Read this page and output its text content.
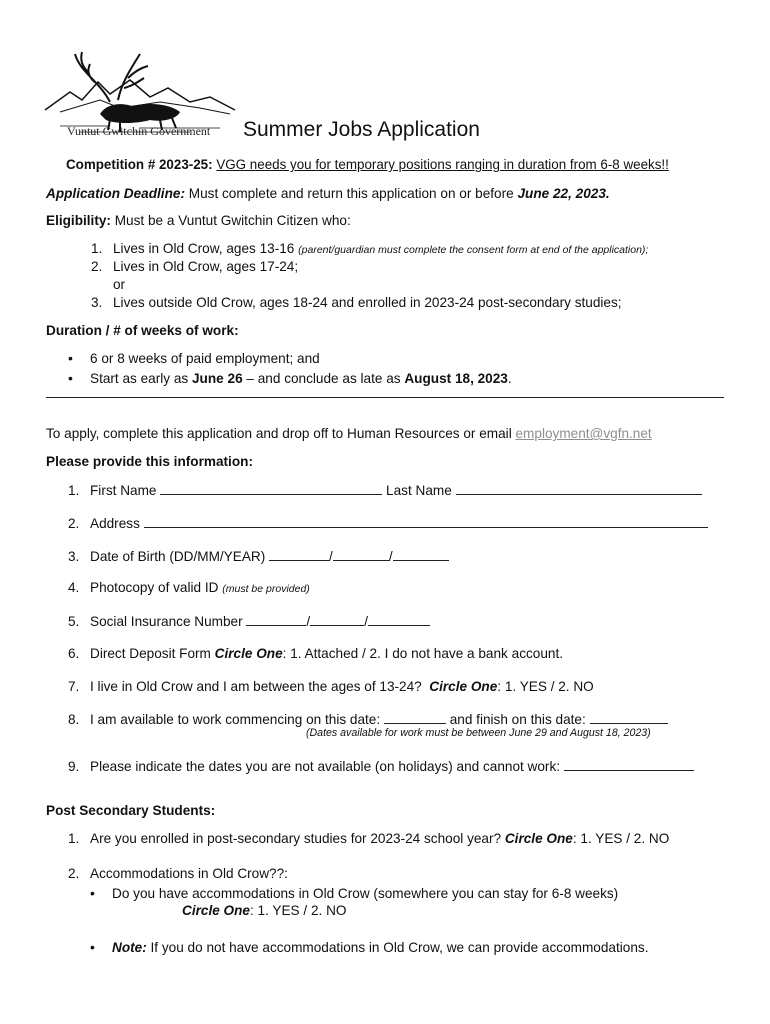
Vuntut Gwitchin Government Summer Jobs Application
Competition # 2023-25: VGG needs you for temporary positions ranging in duration from 6-8 weeks!!
Application Deadline: Must complete and return this application on or before June 22, 2023.
Eligibility: Must be a Vuntut Gwitchin Citizen who:
1. Lives in Old Crow, ages 13-16 (parent/guardian must complete the consent form at end of the application);
2. Lives in Old Crow, ages 17-24;
or
3. Lives outside Old Crow, ages 18-24 and enrolled in 2023-24 post-secondary studies;
Duration / # of weeks of work:
• 6 or 8 weeks of paid employment; and
• Start as early as June 26 – and conclude as late as August 18, 2023.
To apply, complete this application and drop off to Human Resources or email employment@vgfn.net
Please provide this information:
1. First Name	Last Name
2. Address
3. Date of Birth (DD/MM/YEAR)	/	/
4. Photocopy of valid ID (must be provided)
5. Social Insurance Number	/	/
6. Direct Deposit Form Circle One: 1. Attached / 2. I do not have a bank account.
7. I live in Old Crow and I am between the ages of 13-24? Circle One: 1. YES / 2. NO
8. I am available to work commencing on this date:	and finish on this date:
(Dates available for work must be between June 29 and August 18, 2023)
9. Please indicate the dates you are not available (on holidays) and cannot work:
Post Secondary Students:
1. Are you enrolled in post-secondary studies for 2023-24 school year? Circle One: 1. YES / 2. NO
2. Accommodations in Old Crow??:
• Do you have accommodations in Old Crow (somewhere you can stay for 6-8 weeks)
Circle One: 1. YES / 2. NO
• Note: If you do not have accommodations in Old Crow, we can provide accommodations.
